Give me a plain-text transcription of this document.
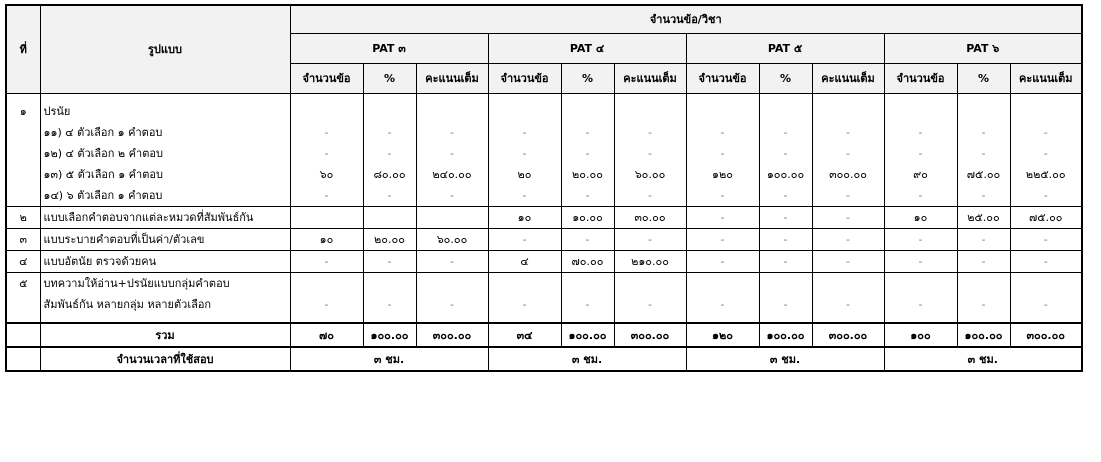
ที่	รูปแบบ	จำนวนข้อ/วิชา											
		PAT ๓			PAT ๔			PAT ๕			PAT ๖		
		จำนวนข้อ	%	คะแนนเต็ม	จำนวนข้อ	%	คะแนนเต็ม	จำนวนข้อ	%	คะแนนเต็ม	จำนวนข้อ	%	คะแนนเต็ม

๑	ปรนัย												
	๑๑) ๔ ตัวเลือก ๑ คำตอบ	-	-	-	-	-	-	-	-	-	-	-	-
	๑๒) ๔ ตัวเลือก ๒ คำตอบ	-	-	-	-	-	-	-	-	-	-	-	-
	๑๓) ๕ ตัวเลือก ๑ คำตอบ	๖๐	๘๐.๐๐	๒๔๐.๐๐	๒๐	๒๐.๐๐	๖๐.๐๐	๑๒๐	๑๐๐.๐๐	๓๐๐.๐๐	๙๐	๗๕.๐๐	๒๒๕.๐๐
	๑๔) ๖ ตัวเลือก ๑ คำตอบ	-	-	-	-	-	-	-	-	-	-	-	-
๒	แบบเลือกคำตอบจากแต่ละหมวดที่สัมพันธ์กัน				๑๐	๑๐.๐๐	๓๐.๐๐	-	-	-	๑๐	๒๕.๐๐	๗๕.๐๐
๓	แบบระบายคำตอบที่เป็นค่า/ตัวเลข	๑๐	๒๐.๐๐	๖๐.๐๐	-	-	-	-	-	-	-	-	-
๔	แบบอัตนัย ตรวจด้วยคน	-	-	-	๔	๗๐.๐๐	๒๑๐.๐๐	-	-	-	-	-	-
๕	บทความให้อ่าน+ปรนัยแบบกลุ่มคำตอบ												
	สัมพันธ์กัน หลายกลุ่ม หลายตัวเลือก	-	-	-	-	-	-	-	-	-	-	-	-

	รวม	๗๐	๑๐๐.๐๐	๓๐๐.๐๐	๓๔	๑๐๐.๐๐	๓๐๐.๐๐	๑๒๐	๑๐๐.๐๐	๓๐๐.๐๐	๑๐๐	๑๐๐.๐๐	๓๐๐.๐๐
	จำนวนเวลาที่ใช้สอบ	๓ ชม.			๓ ชม.			๓ ชม.			๓ ชม.		
